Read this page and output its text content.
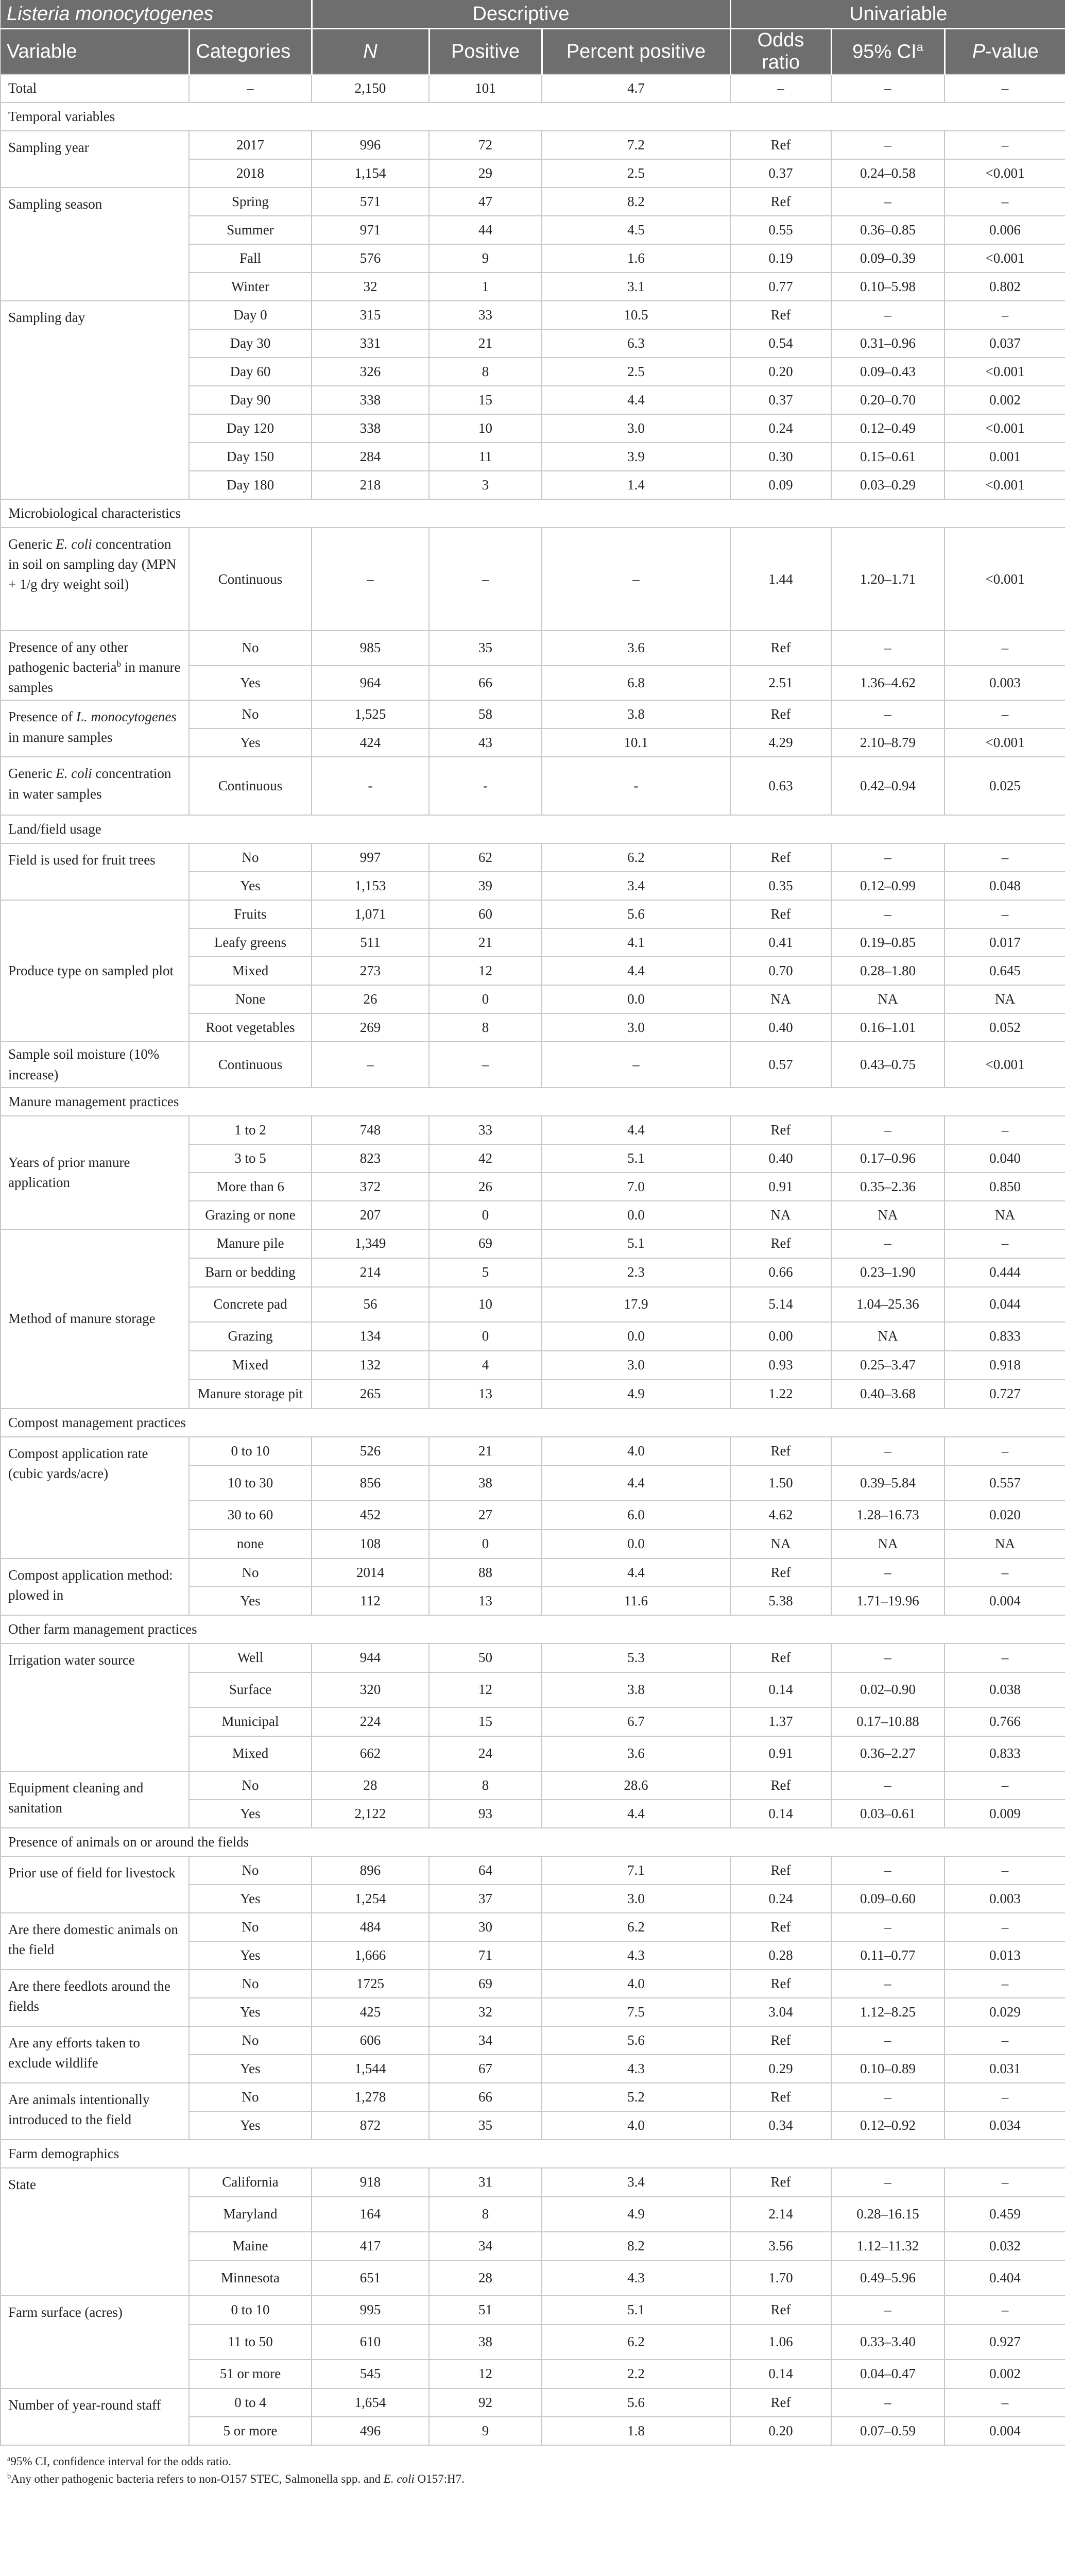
Listeria monocytogenes		Descriptive			Univariable		
Variable	Categories	N	Positive	Percent positive	Odds ratio	95% $CI^a$	P-value
Total	–	2,150	101	4.7	–	–	–
Temporal variables							
Sampling year	2017	996	72	7.2	Ref	–	–
	2018	1,154	29	2.5	0.37	0.24–0.58	<0.001
Sampling season	Spring	571	47	8.2	Ref	–	–
	Summer	971	44	4.5	0.55	0.36–0.85	0.006
	Fall	576	9	1.6	0.19	0.09–0.39	<0.001
	Winter	32	1	3.1	0.77	0.10–5.98	0.802
Sampling day	Day 0	315	33	10.5	Ref	–	–
	Day 30	331	21	6.3	0.54	0.31–0.96	0.037
	Day 60	326	8	2.5	0.20	0.09–0.43	<0.001
	Day 90	338	15	4.4	0.37	0.20–0.70	0.002
	Day 120	338	10	3.0	0.24	0.12–0.49	<0.001
	Day 150	284	11	3.9	0.30	0.15–0.61	0.001
	Day 180	218	3	1.4	0.09	0.03–0.29	<0.001
Microbiological characteristics							
Generic E. coli concentration in soil on sampling day (MPN + 1/g dry weight soil)	Continuous	–	–	–	1.44	1.20–1.71	<0.001
Presence of any other pathogenic bacteria$^b$ in manure samples	No	985	35	3.6	Ref	–	–
	Yes	964	66	6.8	2.51	1.36–4.62	0.003
Presence of L. monocytogenes in manure samples	No	1,525	58	3.8	Ref	–	–
	Yes	424	43	10.1	4.29	2.10–8.79	<0.001
Generic E. coli concentration in water samples	Continuous	-	-	-	0.63	0.42–0.94	0.025
Land/field usage							
Field is used for fruit trees	No	997	62	6.2	Ref	–	–
	Yes	1,153	39	3.4	0.35	0.12–0.99	0.048
Produce type on sampled plot	Fruits	1,071	60	5.6	Ref	–	–
	Leafy greens	511	21	4.1	0.41	0.19–0.85	0.017
	Mixed	273	12	4.4	0.70	0.28–1.80	0.645
	None	26	0	0.0	NA	NA	NA
	Root vegetables	269	8	3.0	0.40	0.16–1.01	0.052
Sample soil moisture (10% increase)	Continuous	–	–	–	0.57	0.43–0.75	<0.001
Manure management practices							
Years of prior manure application	1 to 2	748	33	4.4	Ref	–	–
	3 to 5	823	42	5.1	0.40	0.17–0.96	0.040
	More than 6	372	26	7.0	0.91	0.35–2.36	0.850
	Grazing or none	207	0	0.0	NA	NA	NA
Method of manure storage	Manure pile	1,349	69	5.1	Ref	–	–
	Barn or bedding	214	5	2.3	0.66	0.23–1.90	0.444
	Concrete pad	56	10	17.9	5.14	1.04–25.36	0.044
	Grazing	134	0	0.0	0.00	NA	0.833
	Mixed	132	4	3.0	0.93	0.25–3.47	0.918
	Manure storage pit	265	13	4.9	1.22	0.40–3.68	0.727
Compost management practices							
Compost application rate (cubic yards/acre)	0 to 10	526	21	4.0	Ref	–	–
	10 to 30	856	38	4.4	1.50	0.39–5.84	0.557
	30 to 60	452	27	6.0	4.62	1.28–16.73	0.020
	none	108	0	0.0	NA	NA	NA
Compost application method: plowed in	No	2014	88	4.4	Ref	–	–
	Yes	112	13	11.6	5.38	1.71–19.96	0.004
Other farm management practices							
Irrigation water source	Well	944	50	5.3	Ref	–	–
	Surface	320	12	3.8	0.14	0.02–0.90	0.038
	Municipal	224	15	6.7	1.37	0.17–10.88	0.766
	Mixed	662	24	3.6	0.91	0.36–2.27	0.833
Equipment cleaning and sanitation	No	28	8	28.6	Ref	–	–
	Yes	2,122	93	4.4	0.14	0.03–0.61	0.009
Presence of animals on or around the fields							
Prior use of field for livestock	No	896	64	7.1	Ref	–	–
	Yes	1,254	37	3.0	0.24	0.09–0.60	0.003
Are there domestic animals on the field	No	484	30	6.2	Ref	–	–
	Yes	1,666	71	4.3	0.28	0.11–0.77	0.013
Are there feedlots around the fields	No	1725	69	4.0	Ref	–	–
	Yes	425	32	7.5	3.04	1.12–8.25	0.029
Are any efforts taken to exclude wildlife	No	606	34	5.6	Ref	–	–
	Yes	1,544	67	4.3	0.29	0.10–0.89	0.031
Are animals intentionally introduced to the field	No	1,278	66	5.2	Ref	–	–
	Yes	872	35	4.0	0.34	0.12–0.92	0.034
Farm demographics							
State	California	918	31	3.4	Ref	–	–
	Maryland	164	8	4.9	2.14	0.28–16.15	0.459
	Maine	417	34	8.2	3.56	1.12–11.32	0.032
	Minnesota	651	28	4.3	1.70	0.49–5.96	0.404
Farm surface (acres)	0 to 10	995	51	5.1	Ref	–	–
	11 to 50	610	38	6.2	1.06	0.33–3.40	0.927
	51 or more	545	12	2.2	0.14	0.04–0.47	0.002
Number of year-round staff	0 to 4	1,654	92	5.6	Ref	–	–
	5 or more	496	9	1.8	0.20	0.07–0.59	0.004
$^a$95% CI, confidence interval for the odds ratio.
$^b$Any other pathogenic bacteria refers to non-O157 STEC, Salmonella spp. and E. coli O157:H7.
